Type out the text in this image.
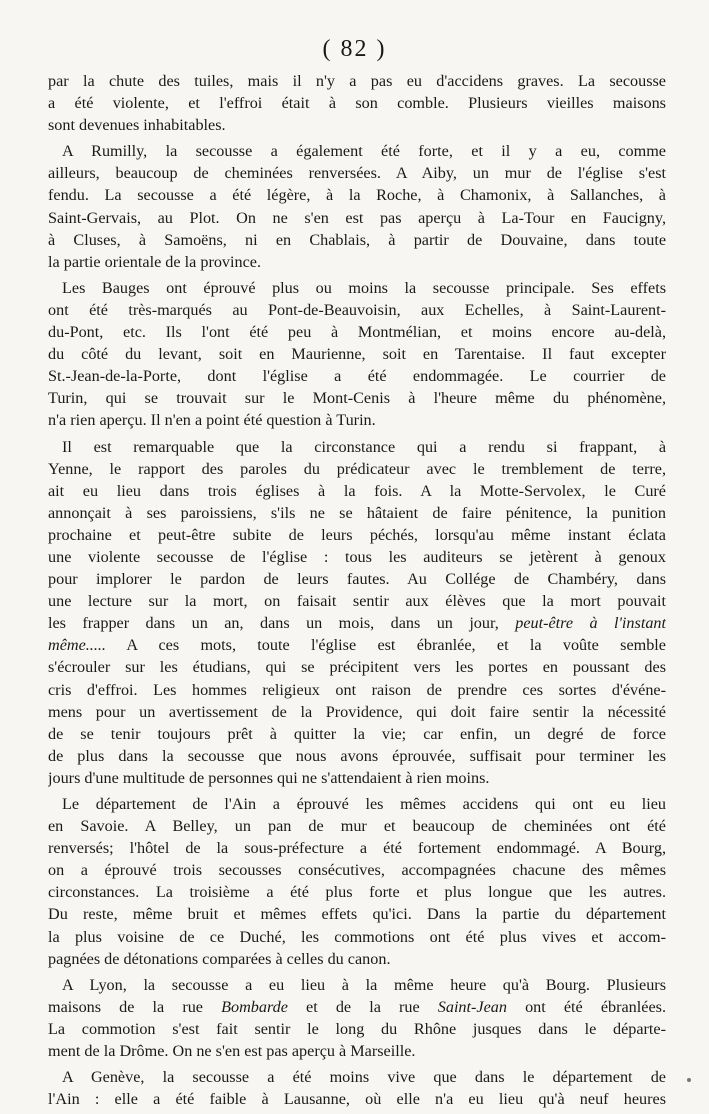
( 82 )
par la chute des tuiles, mais il n'y a pas eu d'accidens graves. La secousse
a été violente, et l'effroi était à son comble. Plusieurs vieilles maisons
sont devenues inhabitables.
A Rumilly, la secousse a également été forte, et il y a eu, comme
ailleurs, beaucoup de cheminées renversées. A Aiby, un mur de l'église s'est
fendu. La secousse a été légère, à la Roche, à Chamonix, à Sallanches, à
Saint-Gervais, au Plot. On ne s'en est pas aperçu à La-Tour en Faucigny,
à Cluses, à Samoëns, ni en Chablais, à partir de Douvaine, dans toute
la partie orientale de la province.
Les Bauges ont éprouvé plus ou moins la secousse principale. Ses effets
ont été très-marqués au Pont-de-Beauvoisin, aux Echelles, à Saint-Laurent-
du-Pont, etc. Ils l'ont été peu à Montmélian, et moins encore au-delà,
du côté du levant, soit en Maurienne, soit en Tarentaise. Il faut excepter
St.-Jean-de-la-Porte, dont l'église a été endommagée. Le courrier de
Turin, qui se trouvait sur le Mont-Cenis à l'heure même du phénomène,
n'a rien aperçu. Il n'en a point été question à Turin.
Il est remarquable que la circonstance qui a rendu si frappant, à
Yenne, le rapport des paroles du prédicateur avec le tremblement de terre,
ait eu lieu dans trois églises à la fois. A la Motte-Servolex, le Curé
annonçait à ses paroissiens, s'ils ne se hâtaient de faire pénitence, la punition
prochaine et peut-être subite de leurs péchés, lorsqu'au même instant éclata
une violente secousse de l'église : tous les auditeurs se jetèrent à genoux
pour implorer le pardon de leurs fautes. Au Collége de Chambéry, dans
une lecture sur la mort, on faisait sentir aux élèves que la mort pouvait
les frapper dans un an, dans un mois, dans un jour, peut-être à l'instant
même..... A ces mots, toute l'église est ébranlée, et la voûte semble
s'écrouler sur les étudians, qui se précipitent vers les portes en poussant des
cris d'effroi. Les hommes religieux ont raison de prendre ces sortes d'événe-
mens pour un avertissement de la Providence, qui doit faire sentir la nécessité
de se tenir toujours prêt à quitter la vie; car enfin, un degré de force
de plus dans la secousse que nous avons éprouvée, suffisait pour terminer les
jours d'une multitude de personnes qui ne s'attendaient à rien moins.
Le département de l'Ain a éprouvé les mêmes accidens qui ont eu lieu
en Savoie. A Belley, un pan de mur et beaucoup de cheminées ont été
renversés; l'hôtel de la sous-préfecture a été fortement endommagé. A Bourg,
on a éprouvé trois secousses consécutives, accompagnées chacune des mêmes
circonstances. La troisième a été plus forte et plus longue que les autres.
Du reste, même bruit et mêmes effets qu'ici. Dans la partie du département
la plus voisine de ce Duché, les commotions ont été plus vives et accom-
pagnées de détonations comparées à celles du canon.
A Lyon, la secousse a eu lieu à la même heure qu'à Bourg. Plusieurs
maisons de la rue Bombarde et de la rue Saint-Jean ont été ébranlées.
La commotion s'est fait sentir le long du Rhône jusques dans le départe-
ment de la Drôme. On ne s'en est pas aperçu à Marseille.
A Genève, la secousse a été moins vive que dans le département de
l'Ain : elle a été faible à Lausanne, où elle n'a eu lieu qu'à neuf heures
